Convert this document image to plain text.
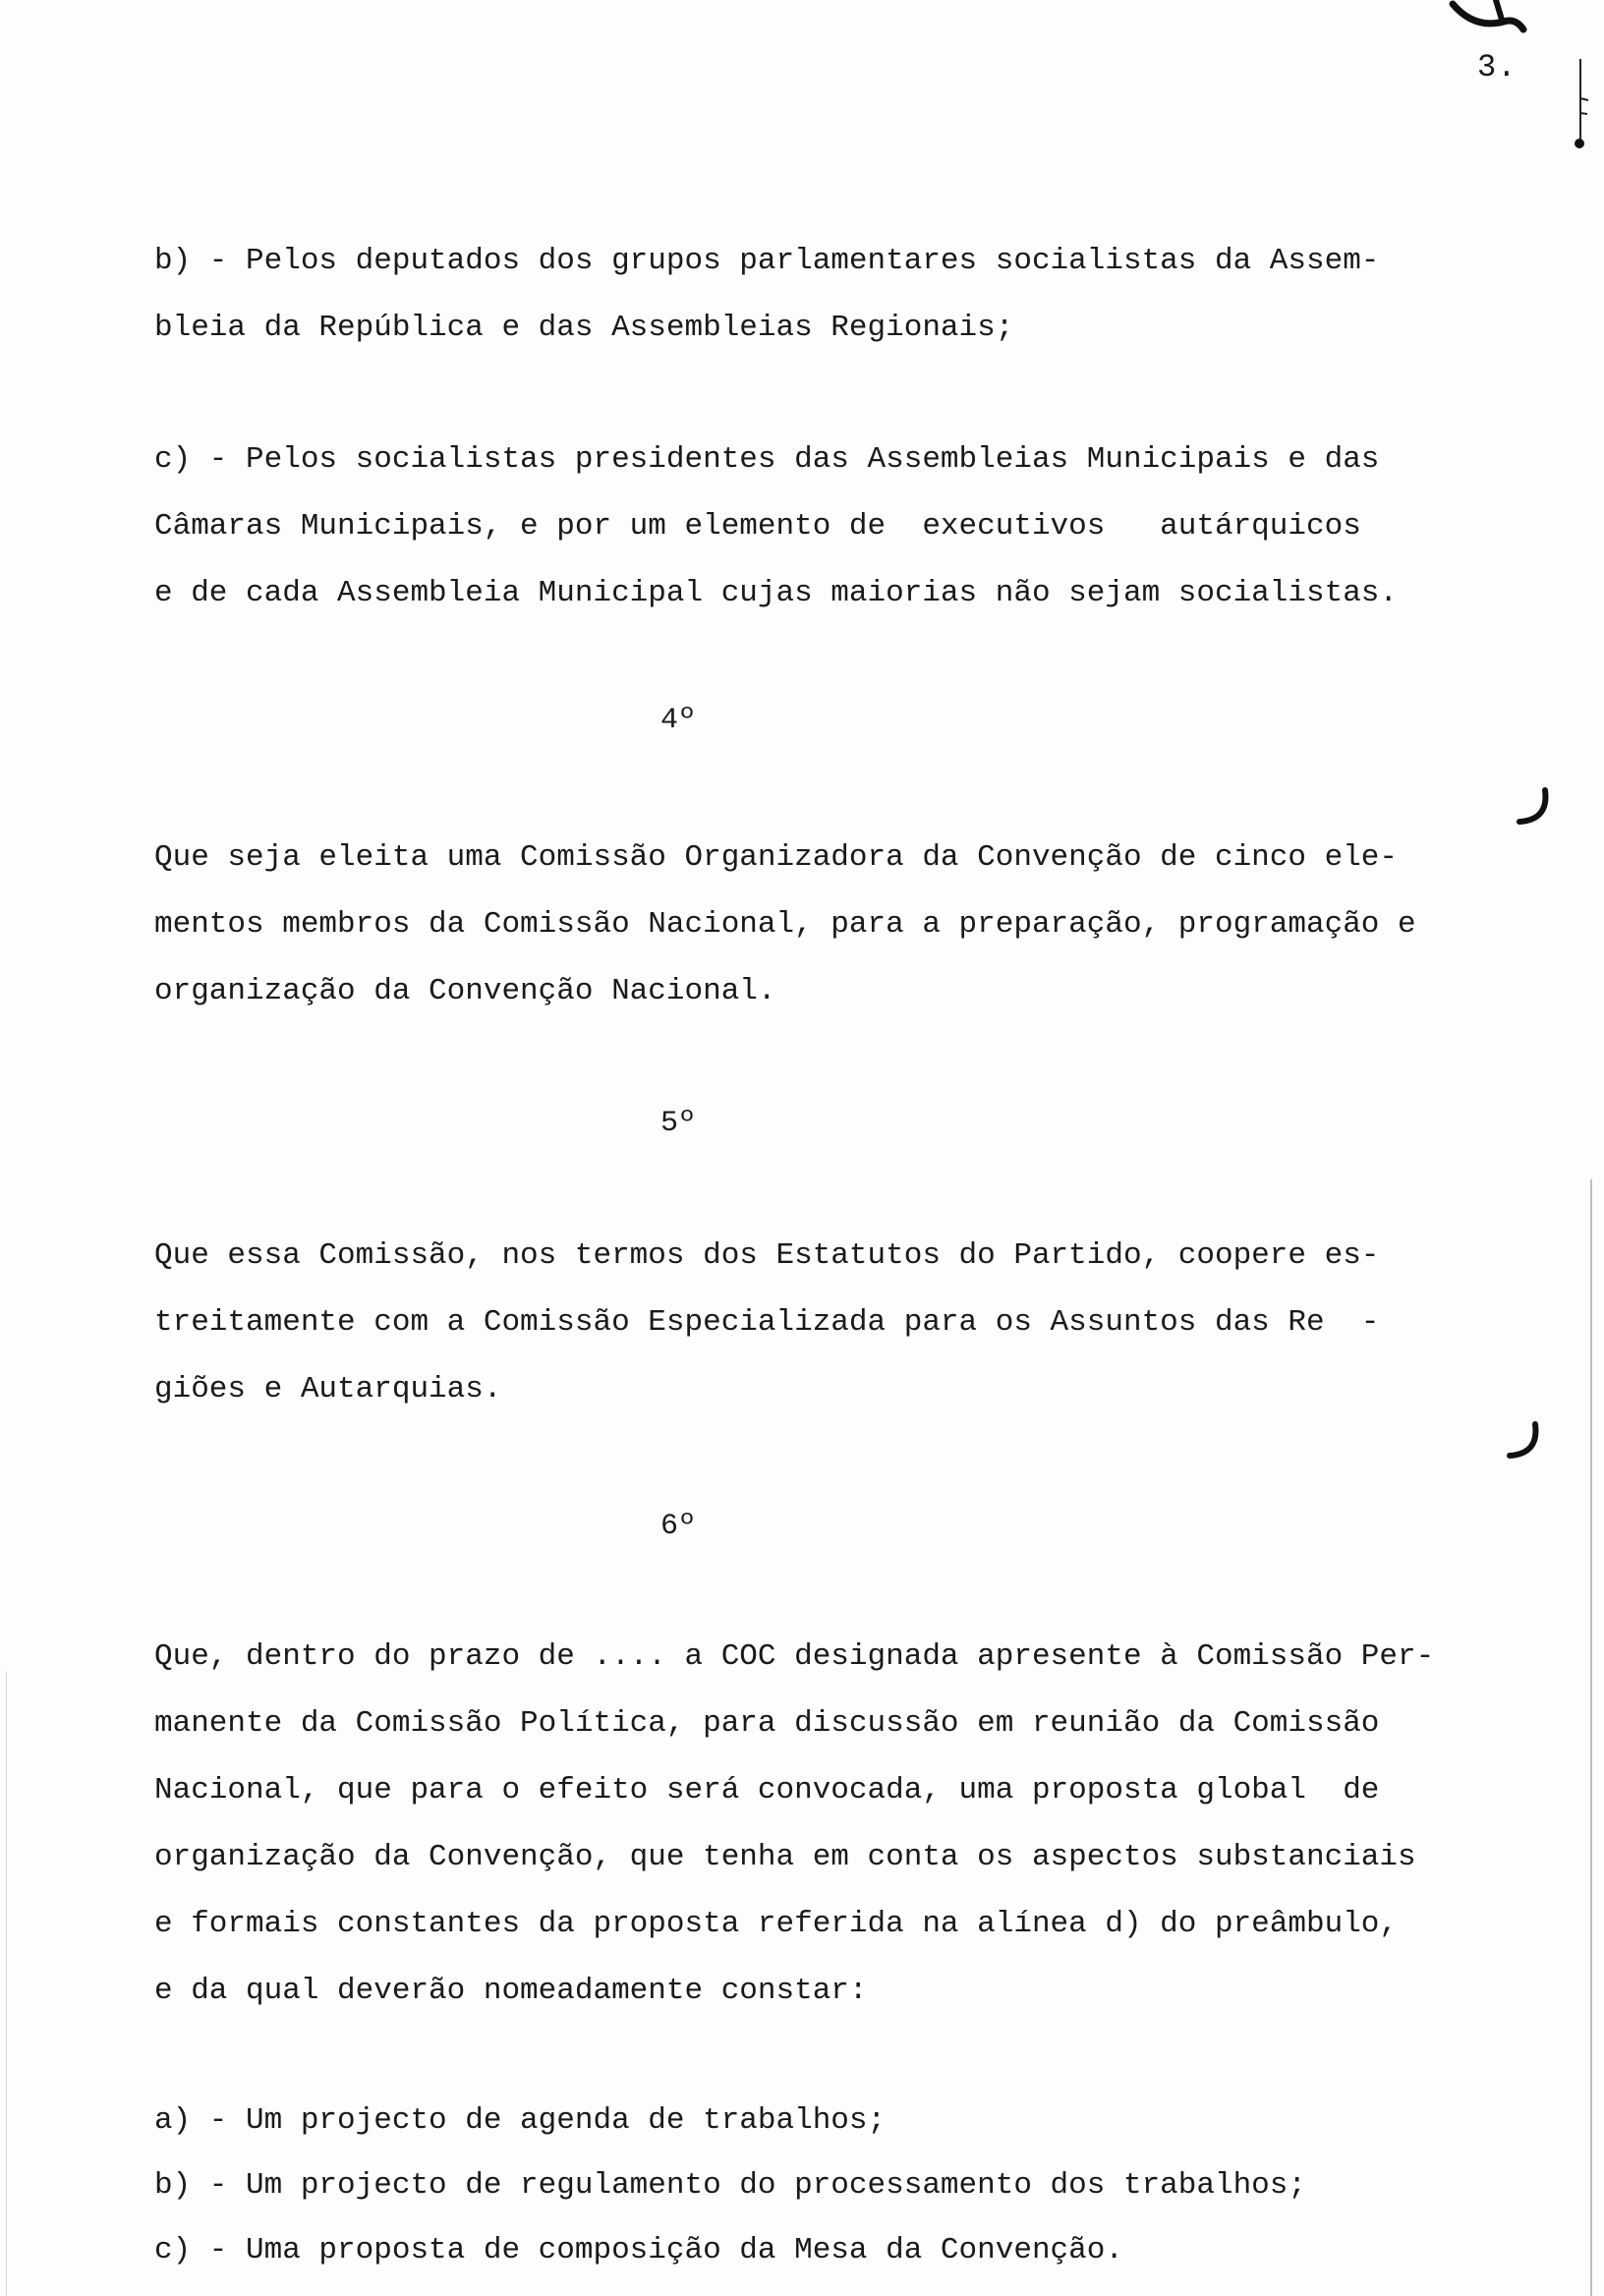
3.
b) - Pelos deputados dos grupos parlamentares socialistas da Assem-
bleia da República e das Assembleias Regionais;
c) - Pelos socialistas presidentes das Assembleias Municipais e das
Câmaras Municipais, e por um elemento de  executivos   autárquicos
e de cada Assembleia Municipal cujas maiorias não sejam socialistas.
4º
Que seja eleita uma Comissão Organizadora da Convenção de cinco ele-
mentos membros da Comissão Nacional, para a preparação, programação e
organização da Convenção Nacional.
5º
Que essa Comissão, nos termos dos Estatutos do Partido, coopere es-
treitamente com a Comissão Especializada para os Assuntos das Re  -
giões e Autarquias.
6º
Que, dentro do prazo de .... a COC designada apresente à Comissão Per-
manente da Comissão Política, para discussão em reunião da Comissão
Nacional, que para o efeito será convocada, uma proposta global  de
organização da Convenção, que tenha em conta os aspectos substanciais
e formais constantes da proposta referida na alínea d) do preâmbulo,
e da qual deverão nomeadamente constar:
a) - Um projecto de agenda de trabalhos;
b) - Um projecto de regulamento do processamento dos trabalhos;
c) - Uma proposta de composição da Mesa da Convenção.
